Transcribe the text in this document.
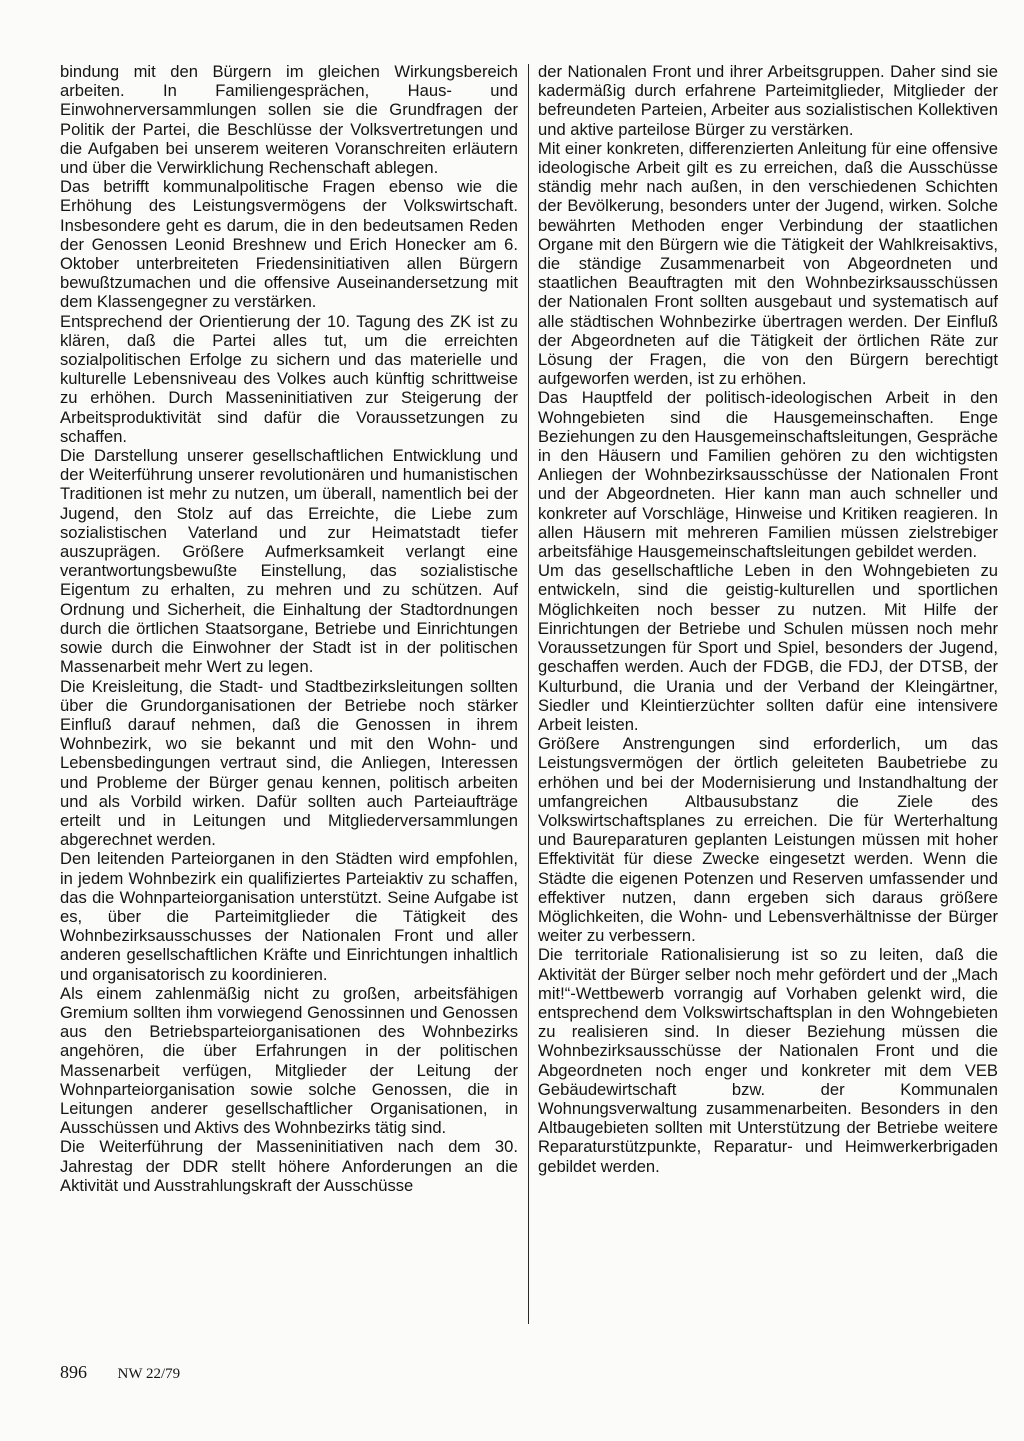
bindung mit den Bürgern im gleichen Wirkungsbereich arbeiten. In Familiengesprächen, Haus- und Einwohnerversammlungen sollen sie die Grundfragen der Politik der Partei, die Beschlüsse der Volksvertretungen und die Aufgaben bei unserem weiteren Voranschreiten erläutern und über die Verwirklichung Rechenschaft ablegen.

Das betrifft kommunalpolitische Fragen ebenso wie die Erhöhung des Leistungsvermögens der Volkswirtschaft. Insbesondere geht es darum, die in den bedeutsamen Reden der Genossen Leonid Breshnew und Erich Honecker am 6. Oktober unterbreiteten Friedensinitiativen allen Bürgern bewußtzumachen und die offensive Auseinandersetzung mit dem Klassengegner zu verstärken.

Entsprechend der Orientierung der 10. Tagung des ZK ist zu klären, daß die Partei alles tut, um die erreichten sozialpolitischen Erfolge zu sichern und das materielle und kulturelle Lebensniveau des Volkes auch künftig schrittweise zu erhöhen. Durch Masseninitiativen zur Steigerung der Arbeitsproduktivität sind dafür die Voraussetzungen zu schaffen.

Die Darstellung unserer gesellschaftlichen Entwicklung und der Weiterführung unserer revolutionären und humanistischen Traditionen ist mehr zu nutzen, um überall, namentlich bei der Jugend, den Stolz auf das Erreichte, die Liebe zum sozialistischen Vaterland und zur Heimatstadt tiefer auszuprägen. Größere Aufmerksamkeit verlangt eine verantwortungsbewußte Einstellung, das sozialistische Eigentum zu erhalten, zu mehren und zu schützen. Auf Ordnung und Sicherheit, die Einhaltung der Stadtordnungen durch die örtlichen Staatsorgane, Betriebe und Einrichtungen sowie durch die Einwohner der Stadt ist in der politischen Massenarbeit mehr Wert zu legen.

Die Kreisleitung, die Stadt- und Stadtbezirksleitungen sollten über die Grundorganisationen der Betriebe noch stärker Einfluß darauf nehmen, daß die Genossen in ihrem Wohnbezirk, wo sie bekannt und mit den Wohn- und Lebensbedingungen vertraut sind, die Anliegen, Interessen und Probleme der Bürger genau kennen, politisch arbeiten und als Vorbild wirken. Dafür sollten auch Parteiaufträge erteilt und in Leitungen und Mitgliederversammlungen abgerechnet werden.

Den leitenden Parteiorganen in den Städten wird empfohlen, in jedem Wohnbezirk ein qualifiziertes Parteiaktiv zu schaffen, das die Wohnparteiorganisation unterstützt. Seine Aufgabe ist es, über die Parteimitglieder die Tätigkeit des Wohnbezirksausschusses der Nationalen Front und aller anderen gesellschaftlichen Kräfte und Einrichtungen inhaltlich und organisatorisch zu koordinieren.

Als einem zahlenmäßig nicht zu großen, arbeitsfähigen Gremium sollten ihm vorwiegend Genossinnen und Genossen aus den Betriebsparteiorganisationen des Wohnbezirks angehören, die über Erfahrungen in der politischen Massenarbeit verfügen, Mitglieder der Leitung der Wohnparteiorganisation sowie solche Genossen, die in Leitungen anderer gesellschaftlicher Organisationen, in Ausschüssen und Aktivs des Wohnbezirks tätig sind.

Die Weiterführung der Masseninitiativen nach dem 30. Jahrestag der DDR stellt höhere Anforderungen an die Aktivität und Ausstrahlungskraft der Ausschüsse

der Nationalen Front und ihrer Arbeitsgruppen. Daher sind sie kadermäßig durch erfahrene Parteimitglieder, Mitglieder der befreundeten Parteien, Arbeiter aus sozialistischen Kollektiven und aktive parteilose Bürger zu verstärken.

Mit einer konkreten, differenzierten Anleitung für eine offensive ideologische Arbeit gilt es zu erreichen, daß die Ausschüsse ständig mehr nach außen, in den verschiedenen Schichten der Bevölkerung, besonders unter der Jugend, wirken. Solche bewährten Methoden enger Verbindung der staatlichen Organe mit den Bürgern wie die Tätigkeit der Wahlkreisaktivs, die ständige Zusammenarbeit von Abgeordneten und staatlichen Beauftragten mit den Wohnbezirksausschüssen der Nationalen Front sollten ausgebaut und systematisch auf alle städtischen Wohnbezirke übertragen werden. Der Einfluß der Abgeordneten auf die Tätigkeit der örtlichen Räte zur Lösung der Fragen, die von den Bürgern berechtigt aufgeworfen werden, ist zu erhöhen.

Das Hauptfeld der politisch-ideologischen Arbeit in den Wohngebieten sind die Hausgemeinschaften. Enge Beziehungen zu den Hausgemeinschaftsleitungen, Gespräche in den Häusern und Familien gehören zu den wichtigsten Anliegen der Wohnbezirksausschüsse der Nationalen Front und der Abgeordneten. Hier kann man auch schneller und konkreter auf Vorschläge, Hinweise und Kritiken reagieren. In allen Häusern mit mehreren Familien müssen zielstrebiger arbeitsfähige Hausgemeinschaftsleitungen gebildet werden.

Um das gesellschaftliche Leben in den Wohngebieten zu entwickeln, sind die geistig-kulturellen und sportlichen Möglichkeiten noch besser zu nutzen. Mit Hilfe der Einrichtungen der Betriebe und Schulen müssen noch mehr Voraussetzungen für Sport und Spiel, besonders der Jugend, geschaffen werden. Auch der FDGB, die FDJ, der DTSB, der Kulturbund, die Urania und der Verband der Kleingärtner, Siedler und Kleintierzüchter sollten dafür eine intensivere Arbeit leisten.

Größere Anstrengungen sind erforderlich, um das Leistungsvermögen der örtlich geleiteten Baubetriebe zu erhöhen und bei der Modernisierung und Instandhaltung der umfangreichen Altbausubstanz die Ziele des Volkswirtschaftsplanes zu erreichen. Die für Werterhaltung und Baureparaturen geplanten Leistungen müssen mit hoher Effektivität für diese Zwecke eingesetzt werden. Wenn die Städte die eigenen Potenzen und Reserven umfassender und effektiver nutzen, dann ergeben sich daraus größere Möglichkeiten, die Wohn- und Lebensverhältnisse der Bürger weiter zu verbessern.

Die territoriale Rationalisierung ist so zu leiten, daß die Aktivität der Bürger selber noch mehr gefördert und der „Mach mit!“-Wettbewerb vorrangig auf Vorhaben gelenkt wird, die entsprechend dem Volkswirtschaftsplan in den Wohngebieten zu realisieren sind. In dieser Beziehung müssen die Wohnbezirksausschüsse der Nationalen Front und die Abgeordneten noch enger und konkreter mit dem VEB Gebäudewirtschaft bzw. der Kommunalen Wohnungsverwaltung zusammenarbeiten. Besonders in den Altbaugebieten sollten mit Unterstützung der Betriebe weitere Reparaturstützpunkte, Reparatur- und Heimwerkerbrigaden gebildet werden.

896 NW 22/79
